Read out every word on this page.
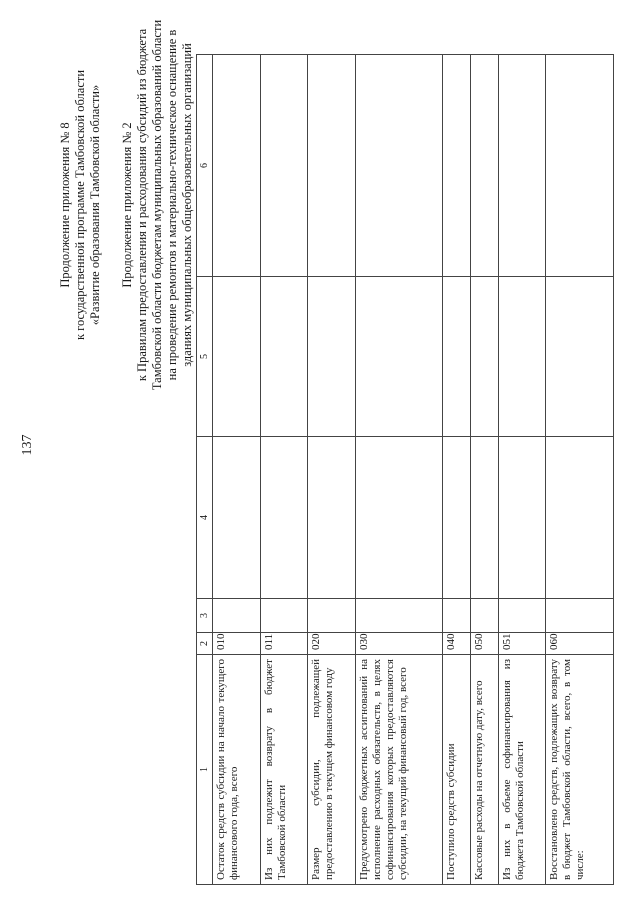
137
Продолжение приложения № 8 к государственной программе Тамбовской области «Развитие образования Тамбовской области» Продолжение приложения № 2 к Правилам предоставления и расходования субсидий из бюджета Тамбовской области бюджетам муниципальных образований области на проведение ремонтов и материально-техническое оснащение в зданиях муниципальных общеобразовательных организаций
1	2	3	4	5	6
Остаток средств субсидии на начало текущего финансового года, всего	010				
Из них подлежит возврату в бюджет Тамбовской области	011				
Размер субсидии, подлежащей предоставлению в текущем финансовом году	020				
Предусмотрено бюджетных ассигнований на исполнение расходных обязательств, в целях софинансирования которых предоставляются субсидии, на текущий финансовый год, всего	030				
Поступило средств субсидии	040				
Кассовые расходы на отчетную дату, всего	050				
Из них в объеме софинансирования из бюджета Тамбовской области	051				
Восстановлено средств, подлежащих возврату в бюджет Тамбовской области, всего, в том числе:	060				
